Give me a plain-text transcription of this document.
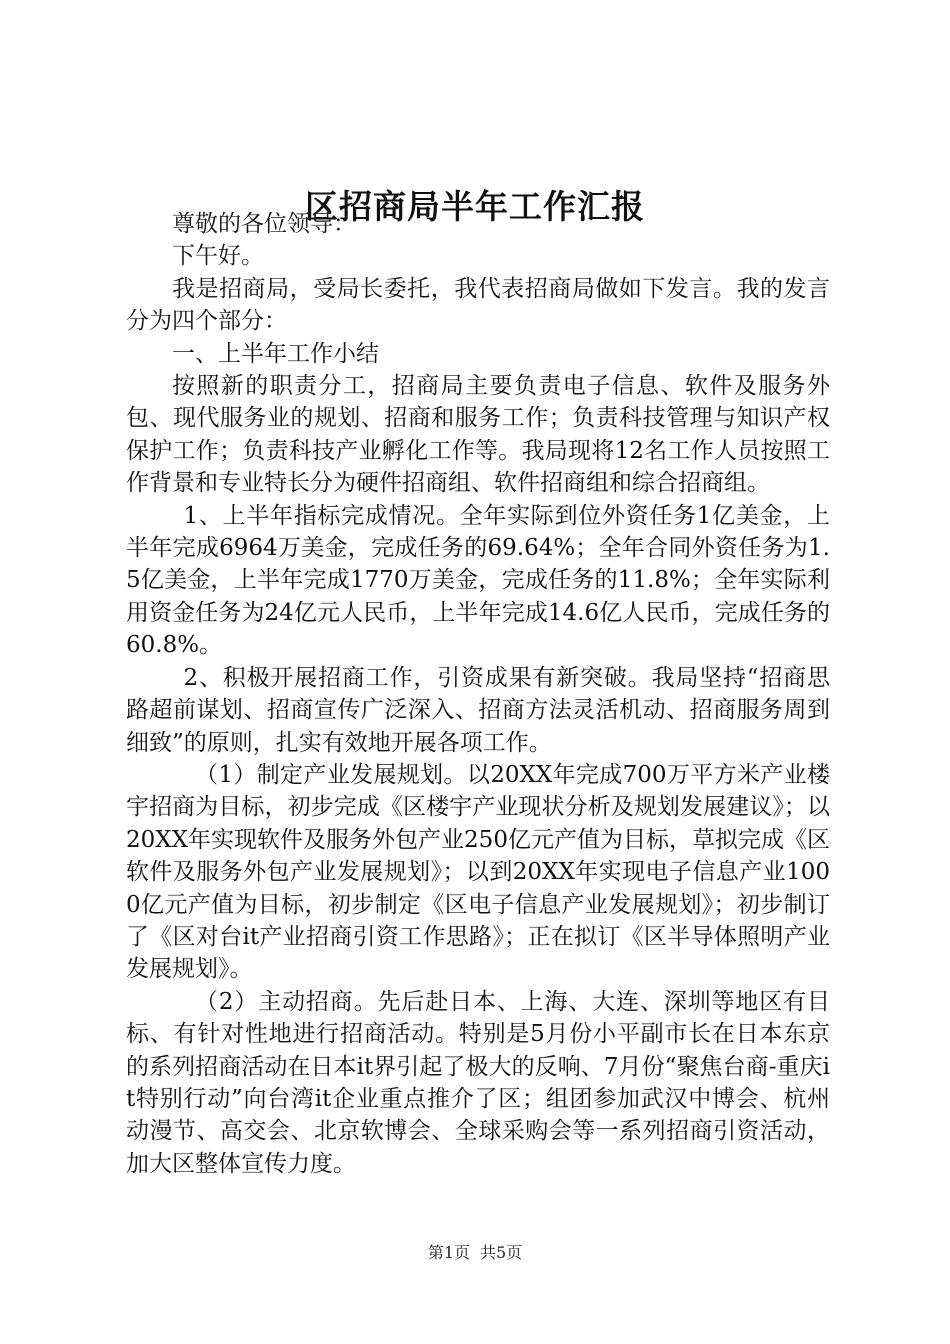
区招商局半年工作汇报

尊敬的各位领导：

下午好。

我是招商局，受局长委托，我代表招商局做如下发言。我的发言分为四个部分：

一、上半年工作小结

按照新的职责分工，招商局主要负责电子信息、软件及服务外包、现代服务业的规划、招商和服务工作；负责科技管理与知识产权保护工作；负责科技产业孵化工作等。我局现将12名工作人员按照工作背景和专业特长分为硬件招商组、软件招商组和综合招商组。

1、上半年指标完成情况。全年实际到位外资任务1亿美金，上半年完成6964万美金，完成任务的69.64%；全年合同外资任务为1.5亿美金，上半年完成1770万美金，完成任务的11.8%；全年实际利用资金任务为24亿元人民币，上半年完成14.6亿人民币，完成任务的60.8%。

2、积极开展招商工作，引资成果有新突破。我局坚持“招商思路超前谋划、招商宣传广泛深入、招商方法灵活机动、招商服务周到细致”的原则，扎实有效地开展各项工作。

（1）制定产业发展规划。以20XX年完成700万平方米产业楼宇招商为目标，初步完成《区楼宇产业现状分析及规划发展建议》；以20XX年实现软件及服务外包产业250亿元产值为目标，草拟完成《区软件及服务外包产业发展规划》；以到20XX年实现电子信息产业1000亿元产值为目标，初步制定《区电子信息产业发展规划》；初步制订了《区对台it产业招商引资工作思路》；正在拟订《区半导体照明产业发展规划》。

（2）主动招商。先后赴日本、上海、大连、深圳等地区有目标、有针对性地进行招商活动。特别是5月份小平副市长在日本东京的系列招商活动在日本it界引起了极大的反响、7月份“聚焦台商-重庆it特别行动”向台湾it企业重点推介了区；组团参加武汉中博会、杭州动漫节、高交会、北京软博会、全球采购会等一系列招商引资活动，加大区整体宣传力度。

第1页 共5页
